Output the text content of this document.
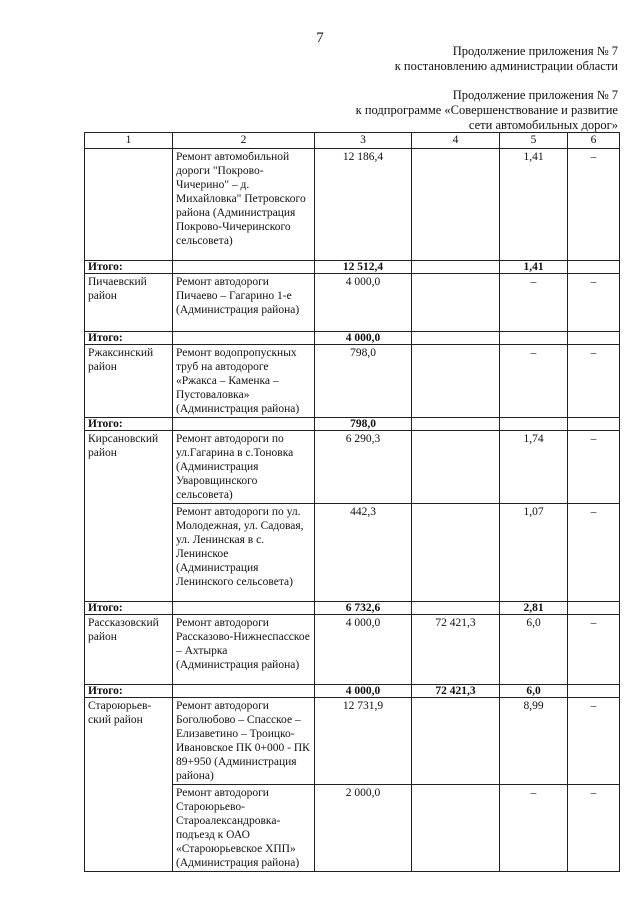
7
Продолжение приложения № 7
к постановлению администрации области
Продолжение приложения № 7
к подпрограмме «Совершенствование и развитие
сети автомобильных дорог»
1	2	3	4	5	6
	Ремонт автомобильной дороги "Покрово-Чичерино" – д. Михайловка" Петровского района (Администрация Покрово-Чичеринского сельсовета)	12 186,4		1,41	–
Итого:		12 512,4		1,41	
Пичаевский район	Ремонт автодороги Пичаево – Гагарино 1-е (Администрация района)	4 000,0		–	–
Итого:		4 000,0			
Ржаксинский район	Ремонт водопропускных труб на автодороге «Ржакса – Каменка – Пустоваловка» (Администрация района)	798,0		–	–
Итого:		798,0			
Кирсановский район	Ремонт автодороги по ул.Гагарина в с.Тоновка (Администрация Уваровщинского сельсовета)	6 290,3		1,74	–
	Ремонт автодороги по ул. Молодежная, ул. Садовая, ул. Ленинская в с. Ленинское (Администрация Ленинского сельсовета)	442,3		1,07	–
Итого:		6 732,6		2,81	
Рассказовский район	Ремонт автодороги Рассказово-Нижнеспасское – Ахтырка (Администрация района)	4 000,0	72 421,3	6,0	–
Итого:		4 000,0	72 421,3	6,0	
Староюрьев-ский район	Ремонт автодороги Боголюбово – Спасское – Елизаветино – Троицко-Ивановское ПК 0+000 - ПК 89+950 (Администрация района)	12 731,9		8,99	–
	Ремонт автодороги Староюрьево-Староалександровка-подъезд к ОАО «Староюрьевское ХПП» (Администрация района)	2 000,0		–	–
